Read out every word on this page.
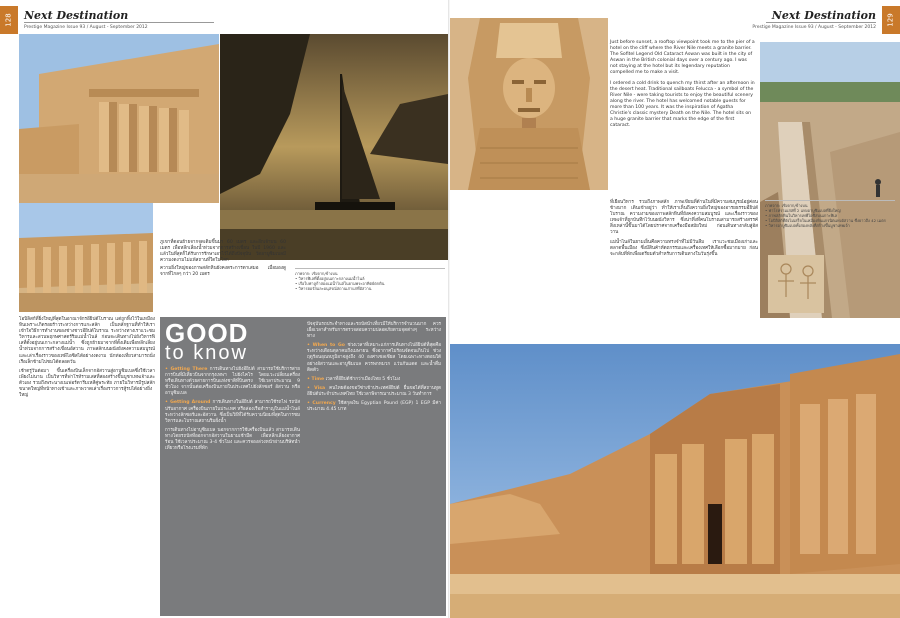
128	Next Destination
Prestige Magazine Issue 93 / August - September 2012

ภูเขาที่ตอนย้ายจากจุดเดิมขึ้นมา 60 เมตร และอีกเจ้าบน 60 เมตร เพื่อหลีกเลี่ยงน้ำท่วมจากการสร้างเขื่อน ในปี 1960 และแล้วในที่สุดก็ได้รับการรักษาเอาไว้ได้ถึงปัจจุบัน วัดอาบูซิมเบลมีความงดงามไม่แพ้สถานที่ใดในโลก

ความยิ่งใหญ่ของภาพสลักหินยังคงตระการตาเสมอ เมื่อมองดูจากที่ไกลๆ กว่า 20 เมตร	ภาพจาก: เชิงจาก/ข้างบน
• วิหารฟิเลที่ตั้งอยู่บนเกาะกลางแม่น้ำไนล์
• เรือใบฟาลูก้าล่องแม่น้ำไนล์ในยามพระอาทิตย์ตกดิน
• วิหารฮอรัสและอนุสรณ์สถานเก่าแก่ที่อัสวาน

โอบิลิสก์ที่ยิ่งใหญ่ที่สุดในอาณาจักรอียิปต์โบราณ แต่ถูกทิ้งไว้ในเหมืองหินเพราะเกิดรอยร้าวระหว่างการแกะสลัก เป็นหลักฐานที่ทำให้เราเข้าใจวิธีการทำงานของช่างชาวอียิปต์โบราณ ระหว่างทางเราแวะชมวิหารและสวนพฤกษศาสตร์ริมแม่น้ำไนล์ ก่อนจะเดินทางไปยังวิหารฟิเลที่ตั้งอยู่บนเกาะกลางแม่น้ำ ซึ่งถูกย้ายมาจากที่ตั้งเดิมเพื่อหลีกเลี่ยงน้ำท่วมจากการสร้างเขื่อนอัสวาน ภาพสลักบนผนังยังคงความสมบูรณ์และเล่าเรื่องราวของเทพีไอซิสได้อย่างงดงาม นักท่องเที่ยวสามารถนั่งเรือเล็กข้ามไปชมได้ตลอดวัน

เช้าตรู่วันต่อมา ขึ้นเครื่องบินเล็กจากอัสวานสู่อาบูซิมเบลซึ่งใช้เวลาเพียงไม่นาน เป็นวิหารที่ฟาโรห์รามเสสที่สองสร้างขึ้นบูชาเทพเจ้าและตัวเอง รวมถึงพระนางเนเฟอร์ตารีมเหสีคู่พระทัย ภายในวิหารมีรูปสลักขนาดใหญ่ที่หน้าทางเข้าและภาพวาดเล่าเรื่องราวการสู้รบได้อย่างยิ่งใหญ่

GOOD
to know

• Getting There การเดินทางไปยังอียิปต์ สามารถใช้บริการสายการบินที่มีเที่ยวบินจากกรุงเทพฯ ไปยังไคโร โดยแวะเปลี่ยนเครื่อง หรือเดินทางด้วยสายการบินแห่งชาติที่บินตรง ใช้เวลาประมาณ 9 ชั่วโมง จากนั้นต่อเครื่องบินภายในประเทศไปยังลักซอร์ อัสวาน หรืออาบูซิมเบล

• Getting Around การเดินทางในอียิปต์ สามารถใช้รถไฟ รถบัสปรับอากาศ เครื่องบินภายในประเทศ หรือล่องเรือสำราญในแม่น้ำไนล์ระหว่างลักซอร์และอัสวาน ซึ่งเป็นวิธีที่ได้รับความนิยมที่สุดในการชมวิหารและโบราณสถานริมฝั่งน้ำ

การเดินทางไปอาบูซิมเบล นอกจากการใช้เครื่องบินแล้ว สามารถเดินทางโดยรถบัสที่ออกจากอัสวานในยามเช้ามืด เพื่อหลีกเลี่ยงอากาศร้อน ใช้เวลาประมาณ 3-4 ชั่วโมง และควรจองล่วงหน้าผ่านบริษัทนำเที่ยวหรือโรงแรมที่พัก

ปัจจุบันรถประจำทางและรถบัสนำเที่ยวมีให้บริการจำนวนมาก ควรเผื่อเวลาสำหรับการตรวจสอบความปลอดภัยตามจุดต่างๆ ระหว่างทาง

• When to Go ช่วงเวลาที่เหมาะแก่การเดินทางไปอียิปต์ที่สุดคือระหว่างเดือนตุลาคมถึงเมษายน ซึ่งอากาศไม่ร้อนจัดจนเกินไป ช่วงฤดูร้อนอุณหภูมิอาจสูงถึง 40 องศาเซลเซียส โดยเฉพาะทางตอนใต้อย่างอัสวานและอาบูซิมเบล ควรพกหมวก แว่นกันแดด และน้ำดื่มติดตัว

• Time เวลาที่อียิปต์ช้ากว่าเมืองไทย 5 ชั่วโมง

• Visa คนไทยต้องขอวีซ่าเข้าประเทศอียิปต์ ยื่นขอได้ที่สถานทูตอียิปต์ประจำประเทศไทย ใช้เวลาพิจารณาประมาณ 3 วันทำการ

• Currency ใช้สกุลเงิน Egyptian Pound (EGP) 1 EGP มีค่าประมาณ 4.45 บาท

129
Next Destination
Prestige Magazine Issue 93 / August - September 2012

Just before sunset, a rooftop viewpoint took me to the pier of a hotel on the cliff where the River Nile meets a granite barrier. The Sofitel Legend Old Cataract Aswan was built in the city of Aswan in the British colonial days over a century ago. I was not staying at the hotel but its legendary reputation compelled me to make a visit.

I ordered a cold drink to quench my thirst after an afternoon in the desert heat. Traditional sailboats Felucca - a symbol of the River Nile - were taking tourists to enjoy the beautiful scenery along the river. The hotel has welcomed notable guests for more than 100 years. It was the inspiration of Agatha Christie's classic mystery Death on the Nile. The hotel sits on a huge granite barrier that marks the edge of the first cataract.

ที่เยือนวิหาร รวมถึงภาพสลัก ภาพเขียนที่ด้านในที่มีความสมบูรณ์อยู่ค่อนข้างมาก เดินเข้าอยู่ว่า ทำให้เราเห็นถึงความยิ่งใหญ่ของอารยธรรมอียิปต์โบราณ ความงามของภาพสลักหินที่ยังคงความสมบูรณ์ และเรื่องราวของเทพเจ้าที่ถูกบันทึกไว้บนผนังวิหาร ซึ่งน่าทึ่งที่คนโบราณสามารถสร้างสรรค์สิ่งเหล่านี้ขึ้นมาได้โดยปราศจากเครื่องมือสมัยใหม่ ก่อนเดินทางกลับสู่อัสวาน

แม่น้ำไนล์ในยามเย็นคือความทรงจำที่ไม่มีวันลืม เราแวะชมเมืองเก่าและตลาดพื้นเมือง ซึ่งมีสินค้าหัตถกรรมและเครื่องเทศให้เลือกซื้อมากมาย ก่อนจะกลับที่พักเพื่อเตรียมตัวสำหรับการเดินทางในวันรุ่งขึ้น

ภาพจาก: เชิงจาก/ข้างบน
• ฟาโรห์รามเสสที่ 2 แห่งอาบูซิมเบลที่ยิ่งใหญ่
• ภาพสลักหินในวิหารเทพีไอซิสบนเกาะฟิเล
• โอบิลิสก์ที่ยังไม่เสร็จในเหมืองหินแกรนิตแห่งอัสวาน ซึ่งยาวถึง 42 เมตร
• วิหารอาบูซิมเบลทั้งสองหลังที่สร้างขึ้นบูชาเทพเจ้า
